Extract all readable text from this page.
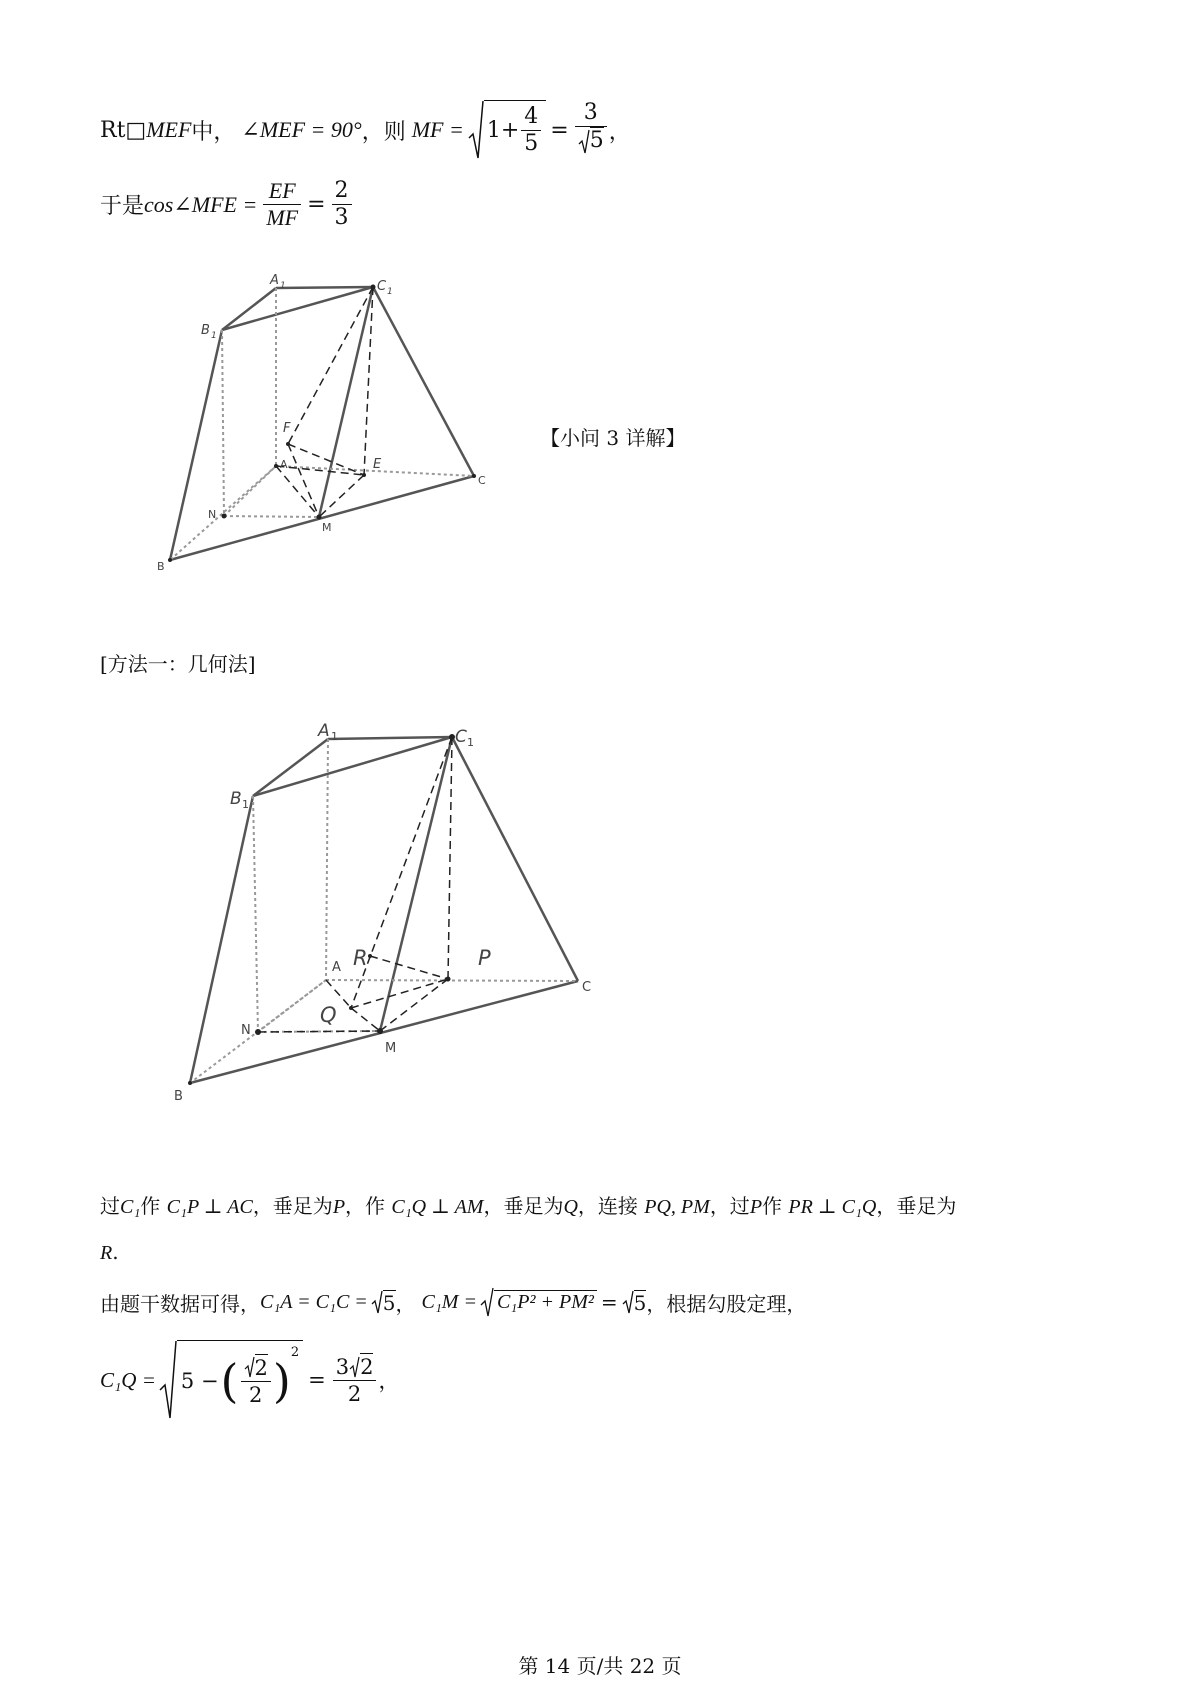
Rt □ MEF 中， ∠MEF = 90° ，则 MF = $1+ \frac{4}{5} = \frac{3}{5}$ ，
于是 cos∠MFE = $\frac{EF}{MF} = \frac{2}{3}$
A 1	C 1
B 1
F
A	E
C
N
M
B
【小问 3 详解】
[方法一：几何法]
A 1	C 1
B 1
R	P
A
C
Q
N
M
B
过C₁作 C₁P ⊥ AC，垂足为P，作 C₁Q ⊥ AM，垂足为Q，连接 PQ, PM，过P作 PR ⊥ C₁Q，垂足为
R.
由题干数据可得， C₁A = C₁C = 5 ， C₁M = C₁P² + PM² = 5 ，根据勾股定理，
C₁Q = 5 − ( $\frac{2}{2}$ )
2
= $\frac{3 2}{2}$ ，
第 14 页/共 22 页
